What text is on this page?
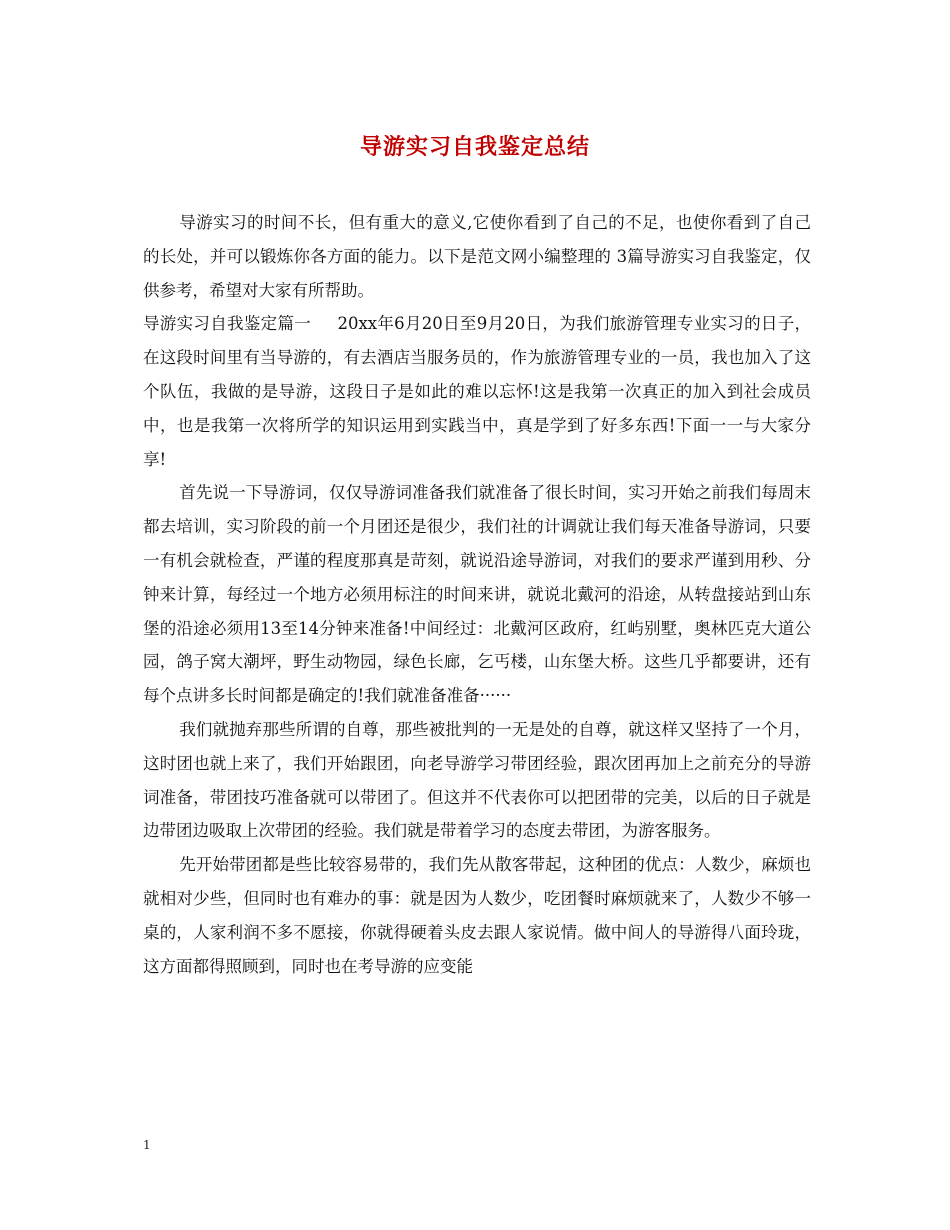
导游实习自我鉴定总结

导游实习的时间不长，但有重大的意义,它使你看到了自己的不足，也使你看到了自己的长处，并可以锻炼你各方面的能力。以下是范文网小编整理的 3篇导游实习自我鉴定，仅供参考，希望对大家有所帮助。

导游实习自我鉴定篇一 20xx年6月20日至9月20日，为我们旅游管理专业实习的日子，在这段时间里有当导游的，有去酒店当服务员的，作为旅游管理专业的一员，我也加入了这个队伍，我做的是导游，这段日子是如此的难以忘怀!这是我第一次真正的加入到社会成员中，也是我第一次将所学的知识运用到实践当中，真是学到了好多东西!下面一一与大家分享!

首先说一下导游词，仅仅导游词准备我们就准备了很长时间，实习开始之前我们每周末都去培训，实习阶段的前一个月团还是很少，我们社的计调就让我们每天准备导游词，只要一有机会就检查，严谨的程度那真是苛刻，就说沿途导游词，对我们的要求严谨到用秒、分钟来计算，每经过一个地方必须用标注的时间来讲，就说北戴河的沿途，从转盘接站到山东堡的沿途必须用13至14分钟来准备!中间经过：北戴河区政府，红屿别墅，奥林匹克大道公园，鸽子窝大潮坪，野生动物园，绿色长廊，乞丐楼，山东堡大桥。这些几乎都要讲，还有每个点讲多长时间都是确定的!我们就准备准备······

我们就抛弃那些所谓的自尊，那些被批判的一无是处的自尊，就这样又坚持了一个月，这时团也就上来了，我们开始跟团，向老导游学习带团经验，跟次团再加上之前充分的导游词准备，带团技巧准备就可以带团了。但这并不代表你可以把团带的完美，以后的日子就是边带团边吸取上次带团的经验。我们就是带着学习的态度去带团，为游客服务。

先开始带团都是些比较容易带的，我们先从散客带起，这种团的优点：人数少，麻烦也就相对少些，但同时也有难办的事：就是因为人数少，吃团餐时麻烦就来了，人数少不够一桌的，人家利润不多不愿接，你就得硬着头皮去跟人家说情。做中间人的导游得八面玲珑，这方面都得照顾到，同时也在考导游的应变能

1
